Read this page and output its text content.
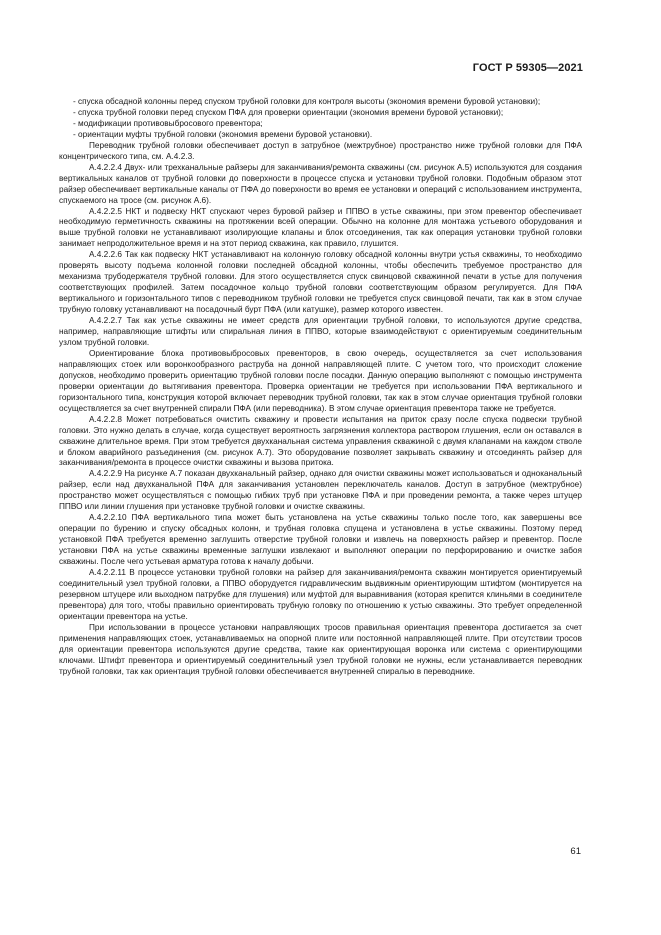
ГОСТ Р 59305—2021

- спуска обсадной колонны перед спуском трубной головки для контроля высоты (экономия времени буровой установки);

- спуска трубной головки перед спуском ПФА для проверки ориентации (экономия времени буровой установки);

- модификации противовыбросового превентора;

- ориентации муфты трубной головки (экономия времени буровой установки).

Переводник трубной головки обеспечивает доступ в затрубное (межтрубное) пространство ниже трубной головки для ПФА концентрического типа, см. А.4.2.3.

А.4.2.2.4 Двух- или трехканальные райзеры для заканчивания/ремонта скважины (см. рисунок А.5) используются для создания вертикальных каналов от трубной головки до поверхности в процессе спуска и установки трубной головки. Подобным образом этот райзер обеспечивает вертикальные каналы от ПФА до поверхности во время ее установки и операций с использованием инструмента, спускаемого на тросе (см. рисунок А.6).

А.4.2.2.5 НКТ и подвеску НКТ спускают через буровой райзер и ППВО в устье скважины, при этом превентор обеспечивает необходимую герметичность скважины на протяжении всей операции. Обычно на колонне для монтажа устьевого оборудования и выше трубной головки не устанавливают изолирующие клапаны и блок отсоединения, так как операция установки трубной головки занимает непродолжительное время и на этот период скважина, как правило, глушится.

А.4.2.2.6 Так как подвеску НКТ устанавливают на колонную головку обсадной колонны внутри устья скважины, то необходимо проверять высоту подъема колонной головки последней обсадной колонны, чтобы обеспечить требуемое пространство для механизма трубодержателя трубной головки. Для этого осуществляется спуск свинцовой скважинной печати в устье для получения соответствующих профилей. Затем посадочное кольцо трубной головки соответствующим образом регулируется. Для ПФА вертикального и горизонтального типов с переводником трубной головки не требуется спуск свинцовой печати, так как в этом случае трубную головку устанавливают на посадочный бурт ПФА (или катушке), размер которого известен.

А.4.2.2.7 Так как устье скважины не имеет средств для ориентации трубной головки, то используются другие средства, например, направляющие штифты или спиральная линия в ППВО, которые взаимодействуют с ориентируемым соединительным узлом трубной головки.

Ориентирование блока противовыбросовых превенторов, в свою очередь, осуществляется за счет использования направляющих стоек или воронкообразного раструба на донной направляющей плите. С учетом того, что происходит сложение допусков, необходимо проверить ориентацию трубной головки после посадки. Данную операцию выполняют с помощью инструмента проверки ориентации до вытягивания превентора. Проверка ориентации не требуется при использовании ПФА вертикального и горизонтального типа, конструкция которой включает переводник трубной головки, так как в этом случае ориентация трубной головки осуществляется за счет внутренней спирали ПФА (или переводника). В этом случае ориентация превентора также не требуется.

А.4.2.2.8 Может потребоваться очистить скважину и провести испытания на приток сразу после спуска подвески трубной головки. Это нужно делать в случае, когда существует вероятность загрязнения коллектора раствором глушения, если он оставался в скважине длительное время. При этом требуется двухканальная система управления скважиной с двумя клапанами на каждом стволе и блоком аварийного разъединения (см. рисунок А.7). Это оборудование позволяет закрывать скважину и отсоединять райзер для заканчивания/ремонта в процессе очистки скважины и вызова притока.

А.4.2.2.9 На рисунке А.7 показан двухканальный райзер, однако для очистки скважины может использоваться и одноканальный райзер, если над двухканальной ПФА для заканчивания установлен переключатель каналов. Доступ в затрубное (межтрубное) пространство может осуществляться с помощью гибких труб при установке ПФА и при проведении ремонта, а также через штуцер ППВО или линии глушения при установке трубной головки и очистке скважины.

А.4.2.2.10 ПФА вертикального типа может быть установлена на устье скважины только после того, как завершены все операции по бурению и спуску обсадных колонн, и трубная головка спущена и установлена в устье скважины. Поэтому перед установкой ПФА требуется временно заглушить отверстие трубной головки и извлечь на поверхность райзер и превентор. После установки ПФА на устье скважины временные заглушки извлекают и выполняют операции по перфорированию и очистке забоя скважины. После чего устьевая арматура готова к началу добычи.

А.4.2.2.11 В процессе установки трубной головки на райзер для заканчивания/ремонта скважин монтируется ориентируемый соединительный узел трубной головки, а ППВО оборудуется гидравлическим выдвижным ориентирующим штифтом (монтируется на резервном штуцере или выходном патрубке для глушения) или муфтой для выравнивания (которая крепится клиньями в соединителе превентора) для того, чтобы правильно ориентировать трубную головку по отношению к устью скважины. Это требует определенной ориентации превентора на устье.

При использовании в процессе установки направляющих тросов правильная ориентация превентора достигается за счет применения направляющих стоек, устанавливаемых на опорной плите или постоянной направляющей плите. При отсутствии тросов для ориентации превентора используются другие средства, такие как ориентирующая воронка или система с ориентирующими ключами. Штифт превентора и ориентируемый соединительный узел трубной головки не нужны, если устанавливается переводник трубной головки, так как ориентация трубной головки обеспечивается внутренней спиралью в переводнике.

61
